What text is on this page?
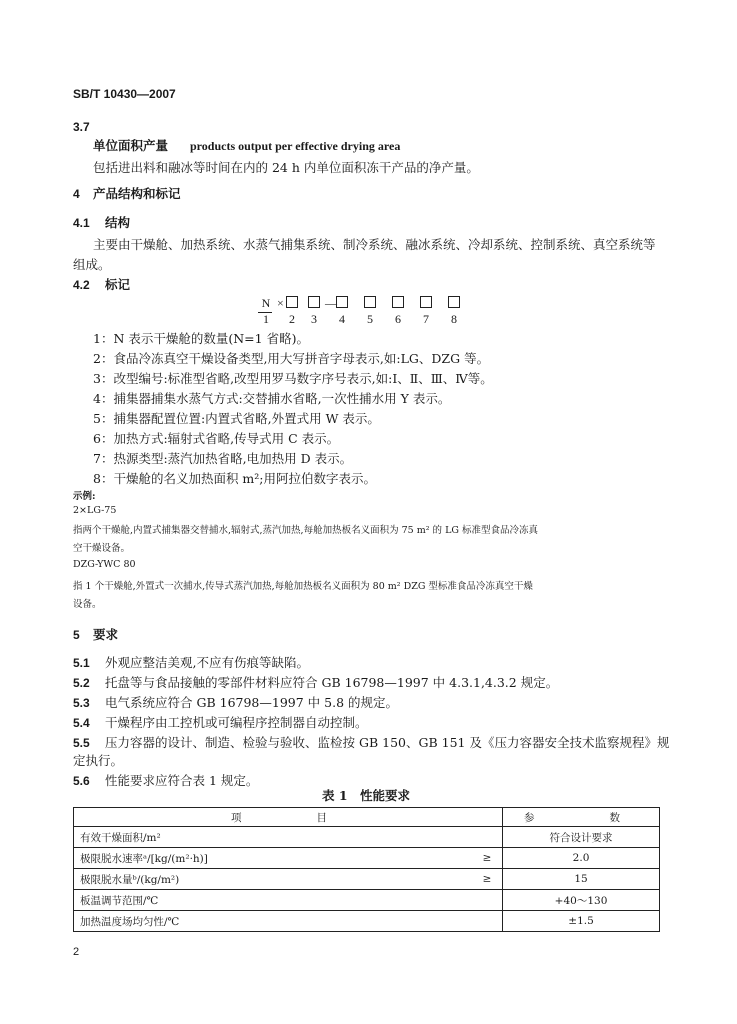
SB/T 10430—2007
3.7
单位面积产量 products output per effective drying area
包括进出料和融冰等时间在内的 24 h 内单位面积冻干产品的净产量。
4 产品结构和标记
4.1 结构
主要由干燥舱、加热系统、水蒸气捕集系统、制冷系统、融冰系统、冷却系统、控制系统、真空系统等
组成。
4.2 标记
N ×	—
1	2	3	4	5	6	7	8
1：N 表示干燥舱的数量(N=1 省略)。
2：食品冷冻真空干燥设备类型,用大写拼音字母表示,如:LG、DZG 等。
3：改型编号:标准型省略,改型用罗马数字序号表示,如:Ⅰ、Ⅱ、Ⅲ、Ⅳ等。
4：捕集器捕集水蒸气方式:交替捕水省略,一次性捕水用 Y 表示。
5：捕集器配置位置:内置式省略,外置式用 W 表示。
6：加热方式:辐射式省略,传导式用 C 表示。
7：热源类型:蒸汽加热省略,电加热用 D 表示。
8：干燥舱的名义加热面积 m²;用阿拉伯数字表示。
示例:
2×LG-75
指两个干燥舱,内置式捕集器交替捕水,辐射式,蒸汽加热,每舱加热板名义面积为 75 m² 的 LG 标准型食品冷冻真
空干燥设备。
DZG-YWC 80
指 1 个干燥舱,外置式一次捕水,传导式蒸汽加热,每舱加热板名义面积为 80 m² DZG 型标准食品冷冻真空干燥
设备。
5 要求
5.1 外观应整洁美观,不应有伤痕等缺陷。
5.2 托盘等与食品接触的零部件材料应符合 GB 16798—1997 中 4.3.1,4.3.2 规定。
5.3 电气系统应符合 GB 16798—1997 中 5.8 的规定。
5.4 干燥程序由工控机或可编程序控制器自动控制。
5.5 压力容器的设计、制造、检验与验收、监检按 GB 150、GB 151 及《压力容器安全技术监察规程》规
定执行。
5.6 性能要求应符合表 1 规定。
表 1　性能要求
项　　目		参　　数
有效干燥面积/m²		符合设计要求
极限脱水速率ᵃ/[kg/(m²·h)]	≥	2.0
极限脱水量ᵇ/(kg/m²)	≥	15
板温调节范围/℃		+40～130
加热温度场均匀性/℃		±1.5
2
